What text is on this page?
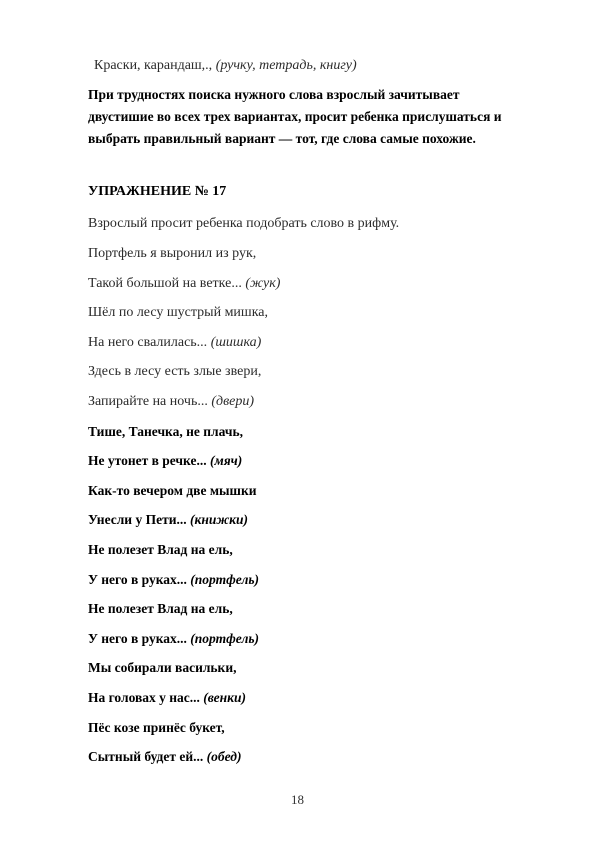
Краски, карандаш,., (ручку, тетрадь, книгу)
При трудностях поиска нужного слова взрослый зачитывает двустишие во всех трех вариантах, просит ребенка прислушаться и выбрать правильный вариант — тот, где слова самые похожие.
УПРАЖНЕНИЕ № 17
Взрослый просит ребенка подобрать слово в рифму.
Портфель я выронил из рук,
Такой большой на ветке... (жук)
Шёл по лесу шустрый мишка,
На него свалилась... (шишка)
Здесь в лесу есть злые звери,
Запирайте на ночь... (двери)
Тише, Танечка, не плачь,
Не утонет в речке... (мяч)
Как-то вечером две мышки
Унесли у Пети... (книжки)
Не полезет Влад на ель,
У него в руках... (портфель)
Не полезет Влад на ель,
У него в руках... (портфель)
Мы собирали васильки,
На головах у нас... (венки)
Пёс козе принёс букет,
Сытный будет ей... (обед)
18
